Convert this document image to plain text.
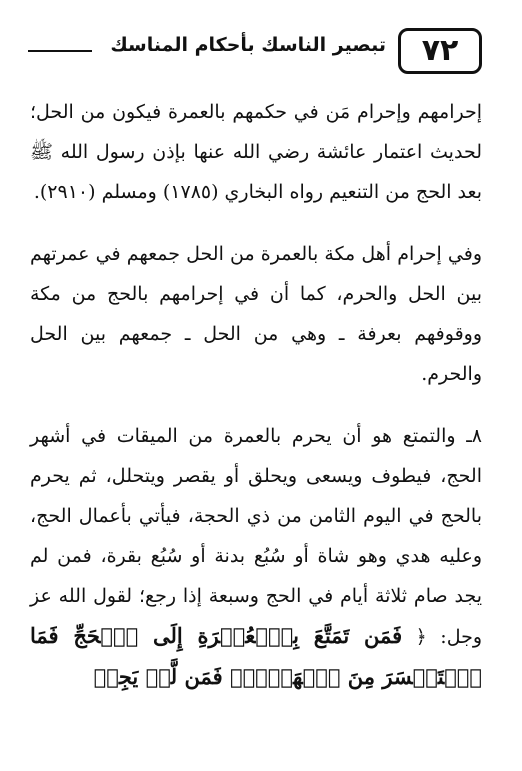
٧٢
تبصير الناسك بأحكام المناسك

إحرامهم وإحرام مَن في حكمهم بالعمرة فيكون من الحل؛ لحديث اعتمار عائشة رضي الله عنها بإذن رسول الله ﷺ بعد الحج من التنعيم رواه البخاري (١٧٨٥) ومسلم (٢٩١٠).

وفي إحرام أهل مكة بالعمرة من الحل جمعهم في عمرتهم بين الحل والحرم، كما أن في إحرامهم بالحج من مكة ووقوفهم بعرفة ـ وهي من الحل ـ جمعهم بين الحل والحرم.

٨ـ والتمتع هو أن يحرم بالعمرة من الميقات في أشهر الحج، فيطوف ويسعى ويحلق أو يقصر ويتحلل، ثم يحرم بالحج في اليوم الثامن من ذي الحجة، فيأتي بأعمال الحج، وعليه هدي وهو شاة أو سُبُع بدنة أو سُبُع بقرة، فمن لم يجد صام ثلاثة أيام في الحج وسبعة إذا رجع؛ لقول الله عز وجل: ﴿ فَمَن تَمَتَّعَ بِٱلۡعُمۡرَةِ إِلَى ٱلۡحَجِّ فَمَا ٱسۡتَيۡسَرَ مِنَ ٱلۡهَدۡيِۚ فَمَن لَّمۡ يَجِدۡ
